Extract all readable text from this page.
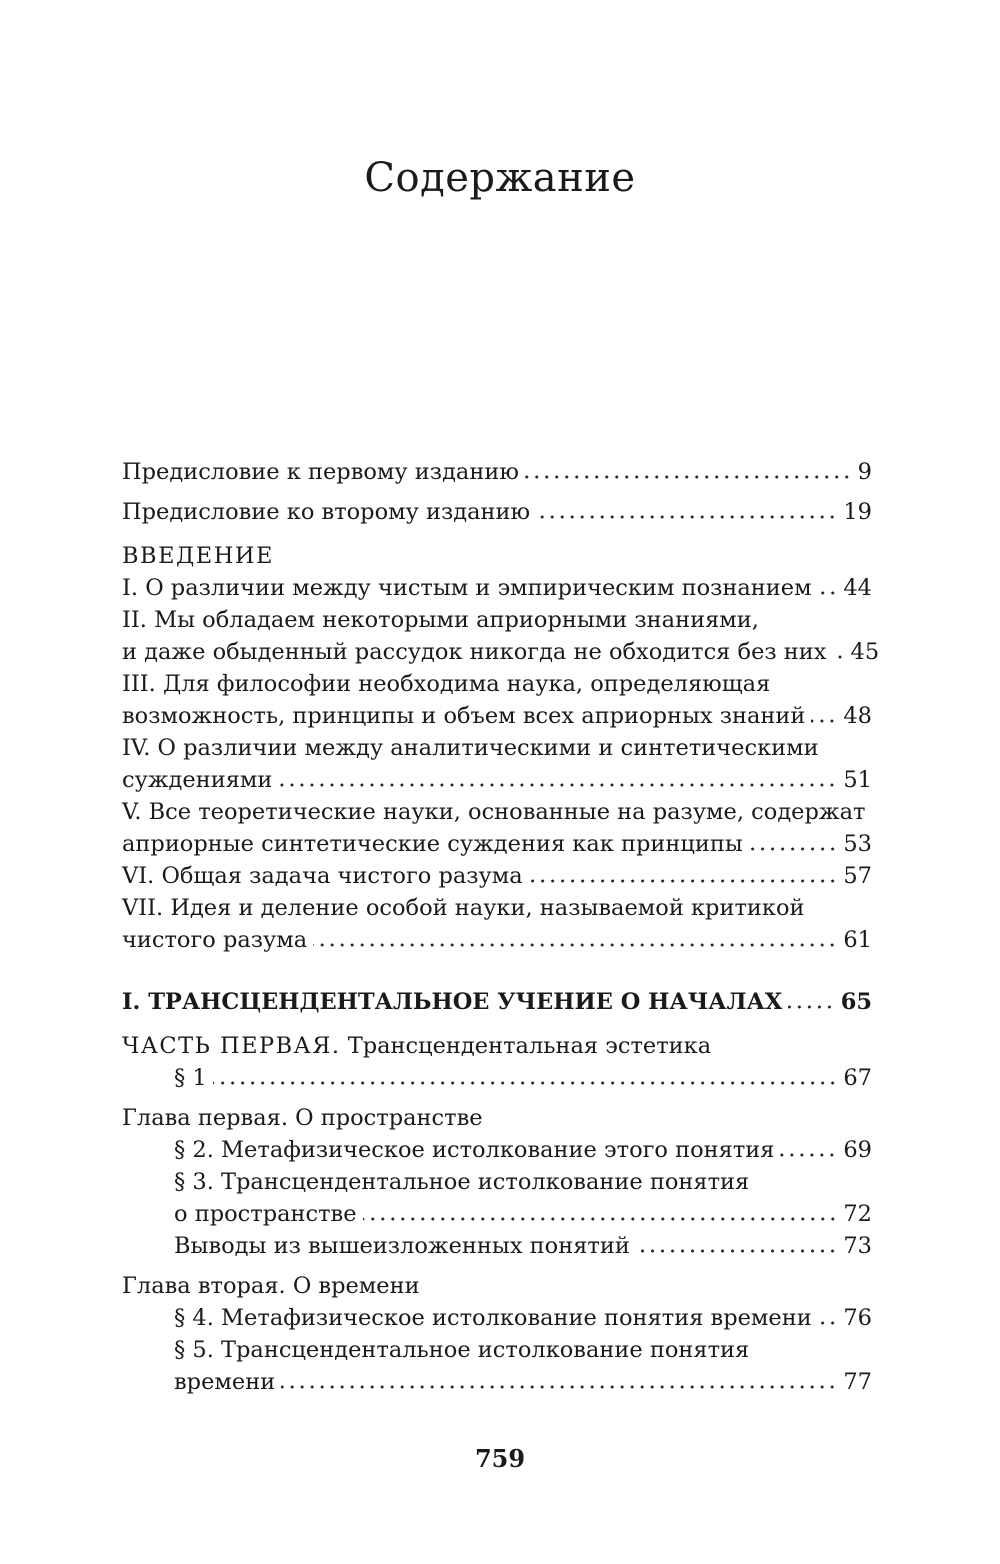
Содержание
Предисловие к первому изданию	9
Предисловие ко второму изданию	19
ВВЕДЕНИЕ
I. О различии между чистым и эмпирическим познанием 44
II. Мы обладаем некоторыми априорными знаниями,
и даже обыденный рассудок никогда не обходится без них 45
III. Для философии необходима наука, определяющая
возможность, принципы и объем всех априорных знаний 48
IV. О различии между аналитическими и синтетическими
суждениями	51
V. Все теоретические науки, основанные на разуме, содержат
априорные синтетические суждения как принципы	53
VI. Общая задача чистого разума	57
VII. Идея и деление особой науки, называемой критикой
чистого разума	61
I. ТРАНСЦЕНДЕНТАЛЬНОЕ УЧЕНИЕ О НАЧАЛАХ	65
ЧАСТЬ ПЕРВАЯ. Трансцендентальная эстетика
§ 1	67
Глава первая. О пространстве
§ 2. Метафизическое истолкование этого понятия	69
§ 3. Трансцендентальное истолкование понятия
о пространстве	72
Выводы из вышеизложенных понятий	73
Глава вторая. О времени
§ 4. Метафизическое истолкование понятия времени 76
§ 5. Трансцендентальное истолкование понятия
времени	77
759
